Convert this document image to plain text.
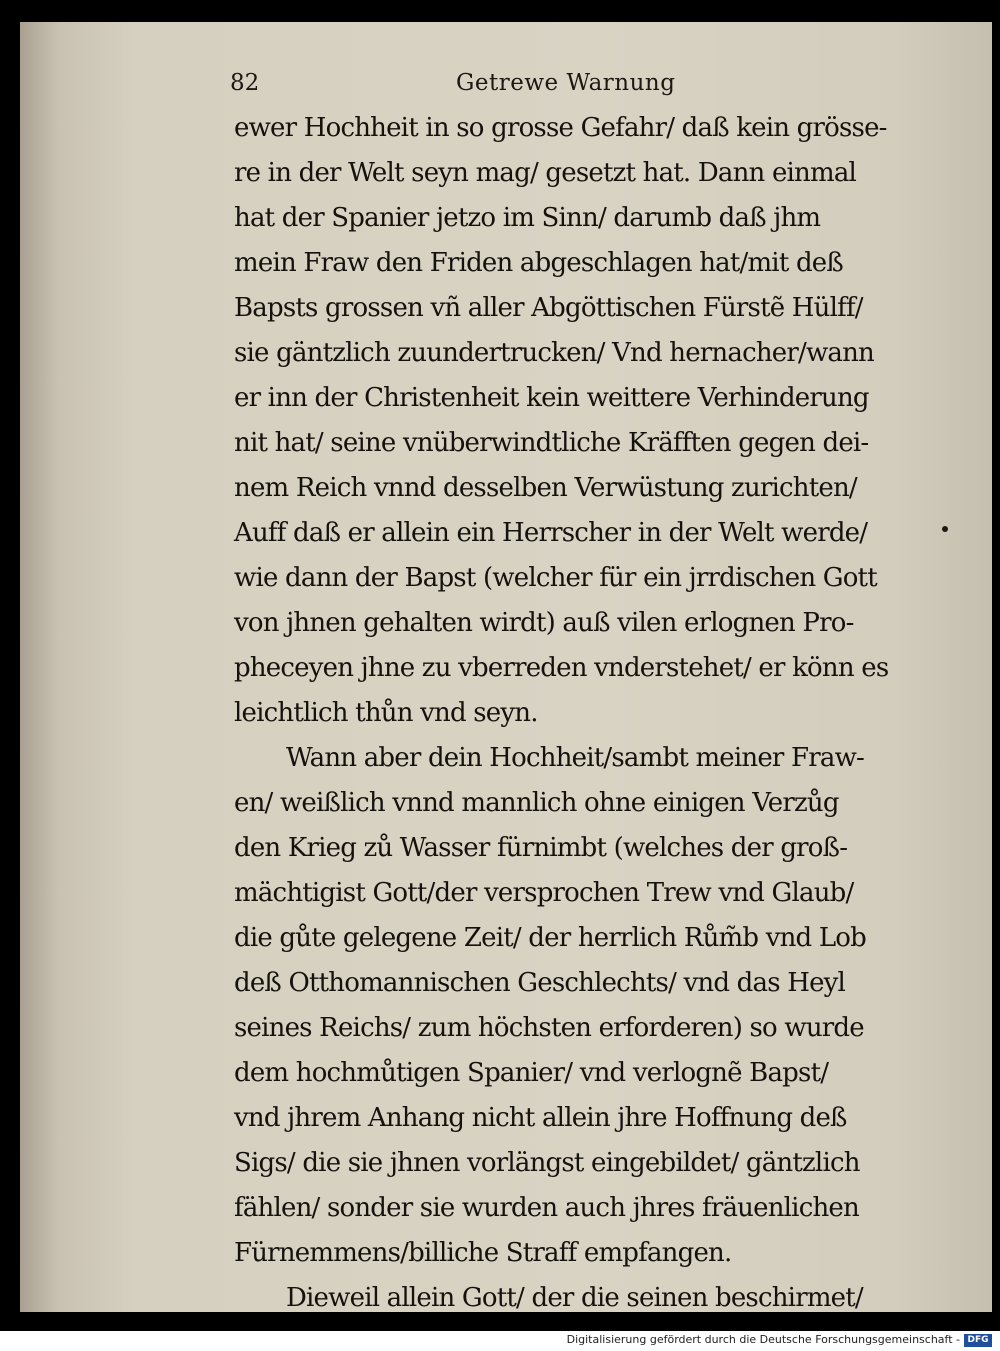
82	Getrewe Warnung
ewer Hochheit in so grosse Gefahr/ daß kein grösse-
re in der Welt seyn mag/ gesetzt hat. Dann einmal
hat der Spanier jetzo im Sinn/ darumb daß jhm
mein Fraw den Friden abgeschlagen hat/mit deß
Bapsts grossen vñ aller Abgöttischen Fürstẽ Hülff/
sie gäntzlich zuundertrucken/ Vnd hernacher/wann
er inn der Christenheit kein weittere Verhinderung
nit hat/ seine vnüberwindtliche Kräfften gegen dei-
nem Reich vnnd desselben Verwüstung zurichten/
Auff daß er allein ein Herrscher in der Welt werde/
wie dann der Bapst (welcher für ein jrrdischen Gott
von jhnen gehalten wirdt) auß vilen erlognen Pro-
pheceyen jhne zu vberreden vnderstehet/ er könn es
leichtlich thůn vnd seyn.
Wann aber dein Hochheit/sambt meiner Fraw-
en/ weißlich vnnd mannlich ohne einigen Verzůg
den Krieg zů Wasser fürnimbt (welches der groß-
mächtigist Gott/der versprochen Trew vnd Glaub/
die gůte gelegene Zeit/ der herrlich Rům̃b vnd Lob
deß Otthomannischen Geschlechts/ vnd das Heyl
seines Reichs/ zum höchsten erforderen) so wurde
dem hochmůtigen Spanier/ vnd verlognẽ Bapst/
vnd jhrem Anhang nicht allein jhre Hoffnung deß
Sigs/ die sie jhnen vorlängst eingebildet/ gäntzlich
fählen/ sonder sie wurden auch jhres fräuenlichen
Fürnemmens/billiche Straff empfangen.
Dieweil allein Gott/ der die seinen beschirmet/
Digitalisierung gefördert durch die Deutsche Forschungsgemeinschaft - DFG
